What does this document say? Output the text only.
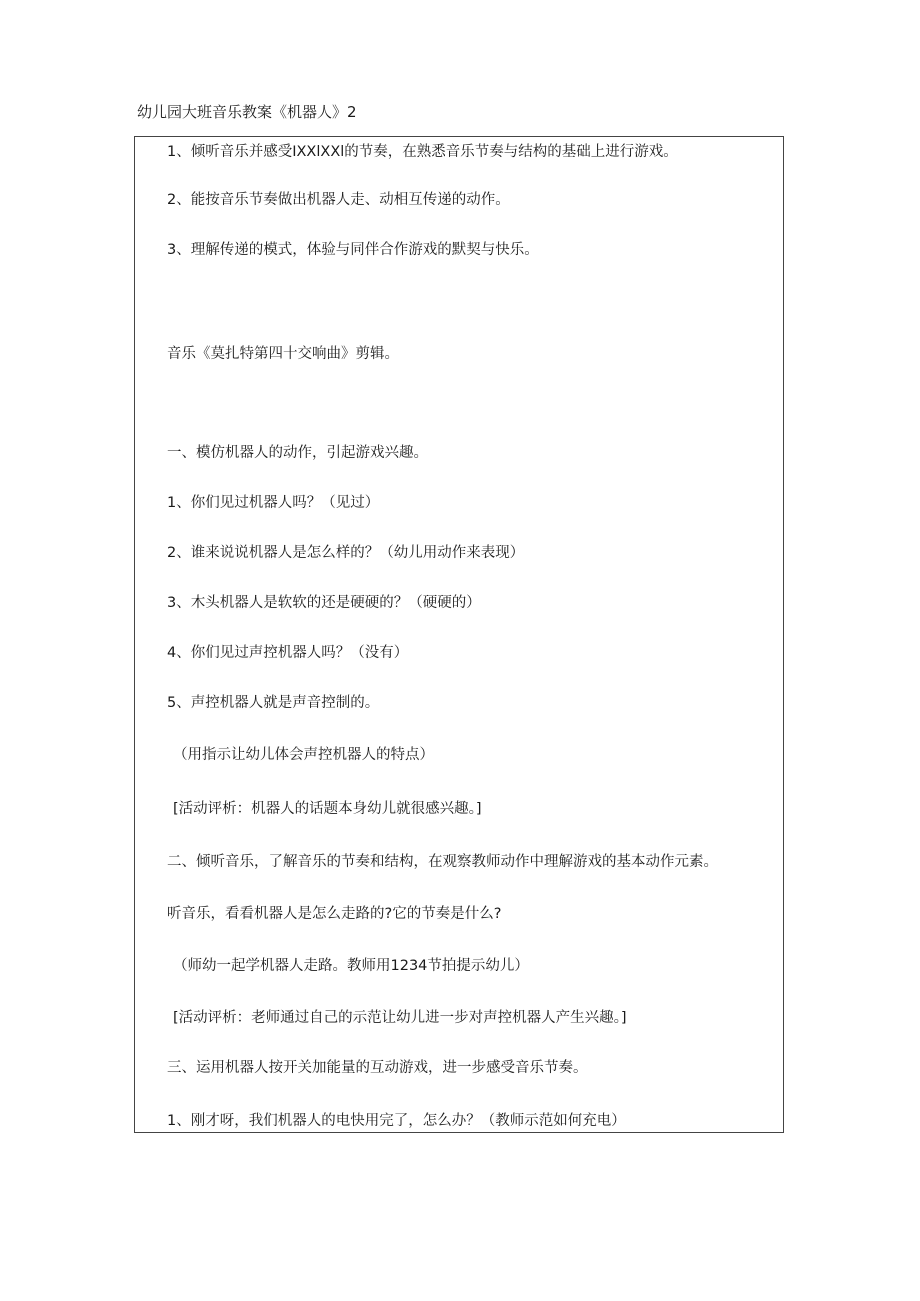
幼儿园大班音乐教案《机器人》2
1、倾听音乐并感受IXXlXXl的节奏，在熟悉音乐节奏与结构的基础上进行游戏。
2、能按音乐节奏做出机器人走、动相互传递的动作。
3、理解传递的模式，体验与同伴合作游戏的默契与快乐。
音乐《莫扎特第四十交响曲》剪辑。
一、模仿机器人的动作，引起游戏兴趣。
1、你们见过机器人吗？（见过）
2、谁来说说机器人是怎么样的？（幼儿用动作来表现）
3、木头机器人是软软的还是硬硬的？（硬硬的）
4、你们见过声控机器人吗？（没有）
5、声控机器人就是声音控制的。
（用指示让幼儿体会声控机器人的特点）
[活动评析：机器人的话题本身幼儿就很感兴趣。]
二、倾听音乐，了解音乐的节奏和结构，在观察教师动作中理解游戏的基本动作元素。
听音乐，看看机器人是怎么走路的?它的节奏是什么?
（师幼一起学机器人走路。教师用1234节拍提示幼儿）
[活动评析：老师通过自己的示范让幼儿进一步对声控机器人产生兴趣。]
三、运用机器人按开关加能量的互动游戏，进一步感受音乐节奏。
1、刚才呀，我们机器人的电快用完了，怎么办？（教师示范如何充电）
